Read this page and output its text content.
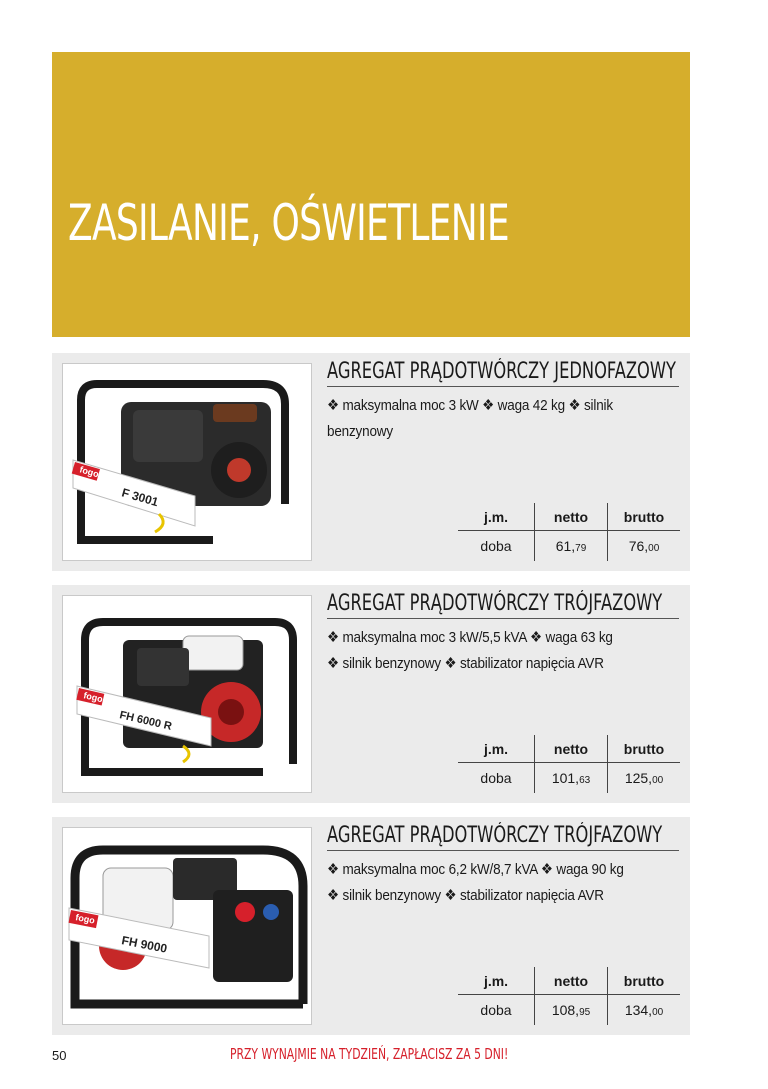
ZASILANIE, OŚWIETLENIE
fogo
F 3001
AGREGAT PRĄDOTWÓRCZY JEDNOFAZOWY
❖ maksymalna moc 3 kW ❖ waga 42 kg ❖ silnik
benzynowy
j.m.	netto	brutto
doba	61,79	76,00
fogo
FH 6000 R
AGREGAT PRĄDOTWÓRCZY TRÓJFAZOWY
❖ maksymalna moc 3 kW/5,5 kVA ❖ waga 63 kg
❖ silnik benzynowy ❖ stabilizator napięcia AVR
j.m.	netto	brutto
doba	101,63	125,00
fogo
FH 9000
AGREGAT PRĄDOTWÓRCZY TRÓJFAZOWY
❖ maksymalna moc 6,2 kW/8,7 kVA ❖ waga 90 kg
❖ silnik benzynowy ❖ stabilizator napięcia AVR
j.m.	netto	brutto
doba	108,95	134,00
50	PRZY WYNAJMIE NA TYDZIEŃ, ZAPŁACISZ ZA 5 DNI!
